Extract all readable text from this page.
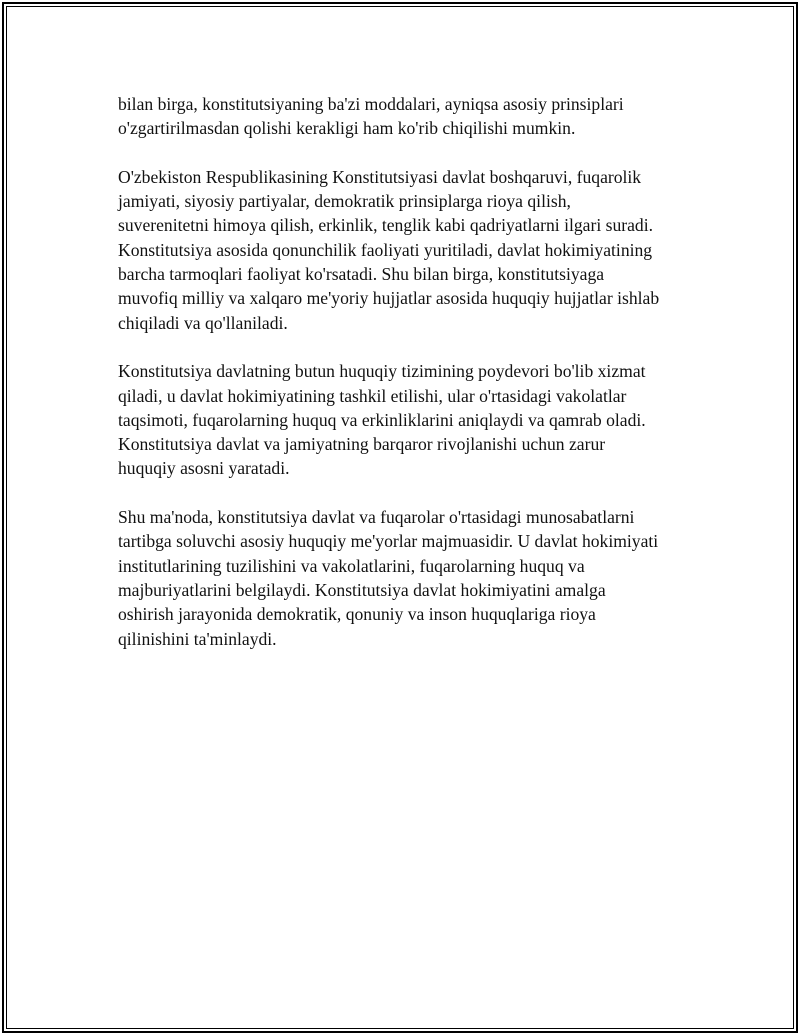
bilan birga, konstitutsiyaning ba'zi moddalari, ayniqsa asosiy prinsiplari
o'zgartirilmasdan qolishi kerakligi ham ko'rib chiqilishi mumkin.

O'zbekiston Respublikasining Konstitutsiyasi davlat boshqaruvi, fuqarolik
jamiyati, siyosiy partiyalar, demokratik prinsiplarga rioya qilish,
suverenitetni himoya qilish, erkinlik, tenglik kabi qadriyatlarni ilgari suradi.
Konstitutsiya asosida qonunchilik faoliyati yuritiladi, davlat hokimiyatining
barcha tarmoqlari faoliyat ko'rsatadi. Shu bilan birga, konstitutsiyaga
muvofiq milliy va xalqaro me'yoriy hujjatlar asosida huquqiy hujjatlar ishlab
chiqiladi va qo'llaniladi.

Konstitutsiya davlatning butun huquqiy tizimining poydevori bo'lib xizmat
qiladi, u davlat hokimiyatining tashkil etilishi, ular o'rtasidagi vakolatlar
taqsimoti, fuqarolarning huquq va erkinliklarini aniqlaydi va qamrab oladi.
Konstitutsiya davlat va jamiyatning barqaror rivojlanishi uchun zarur
huquqiy asosni yaratadi.

Shu ma'noda, konstitutsiya davlat va fuqarolar o'rtasidagi munosabatlarni
tartibga soluvchi asosiy huquqiy me'yorlar majmuasidir. U davlat hokimiyati
institutlarining tuzilishini va vakolatlarini, fuqarolarning huquq va
majburiyatlarini belgilaydi. Konstitutsiya davlat hokimiyatini amalga
oshirish jarayonida demokratik, qonuniy va inson huquqlariga rioya
qilinishini ta'minlaydi.
